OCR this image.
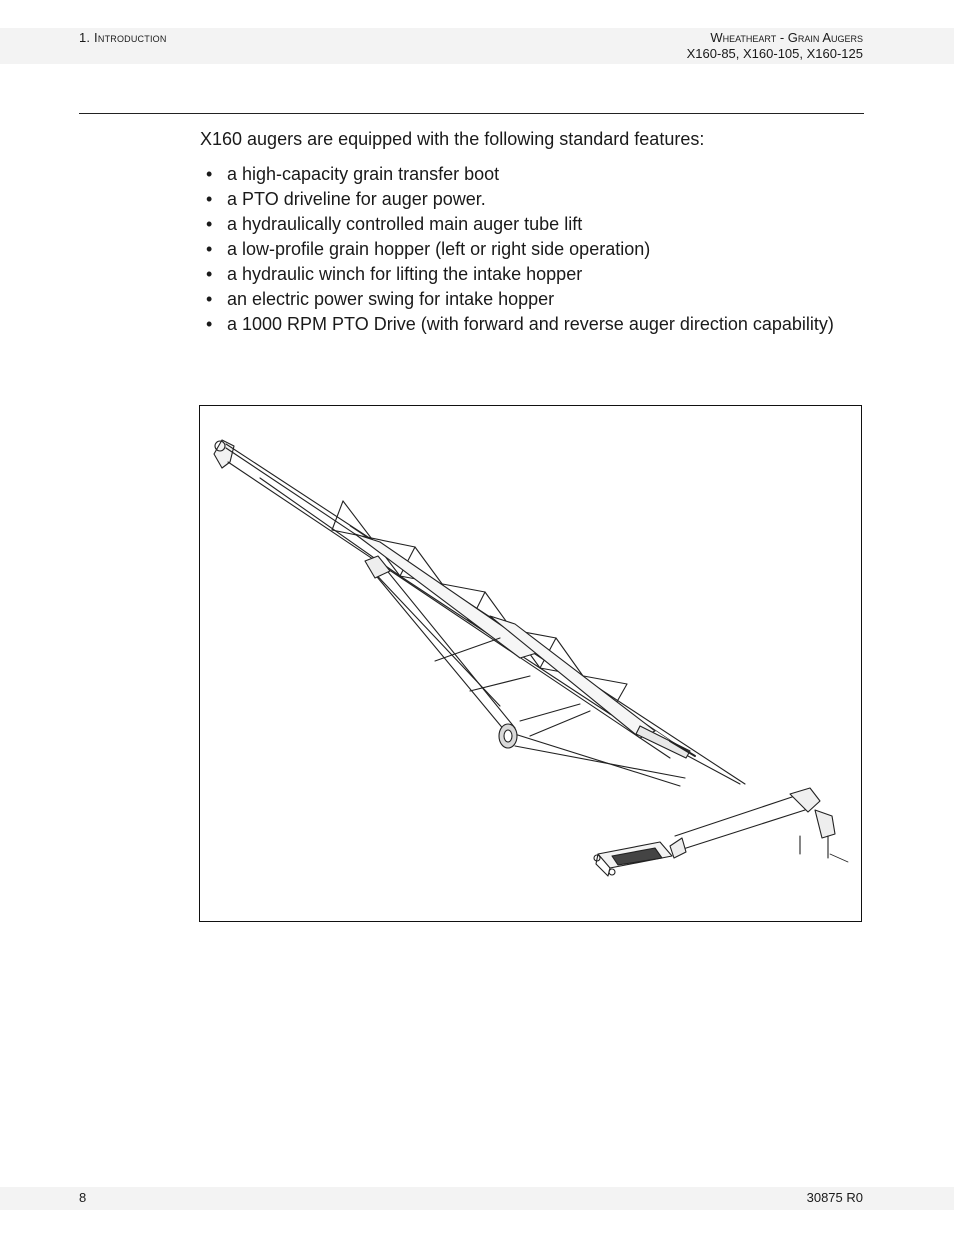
1. Introduction	Wheatheart - Grain Augers
X160-85, X160-105, X160-125

X160 augers are equipped with the following standard features:

• a high-capacity grain transfer boot
• a PTO driveline for auger power.
• a hydraulically controlled main auger tube lift
• a low-profile grain hopper (left or right side operation)
• a hydraulic winch for lifting the intake hopper
• an electric power swing for intake hopper
• a 1000 RPM PTO Drive (with forward and reverse auger direction capability)
8	30875 R0
